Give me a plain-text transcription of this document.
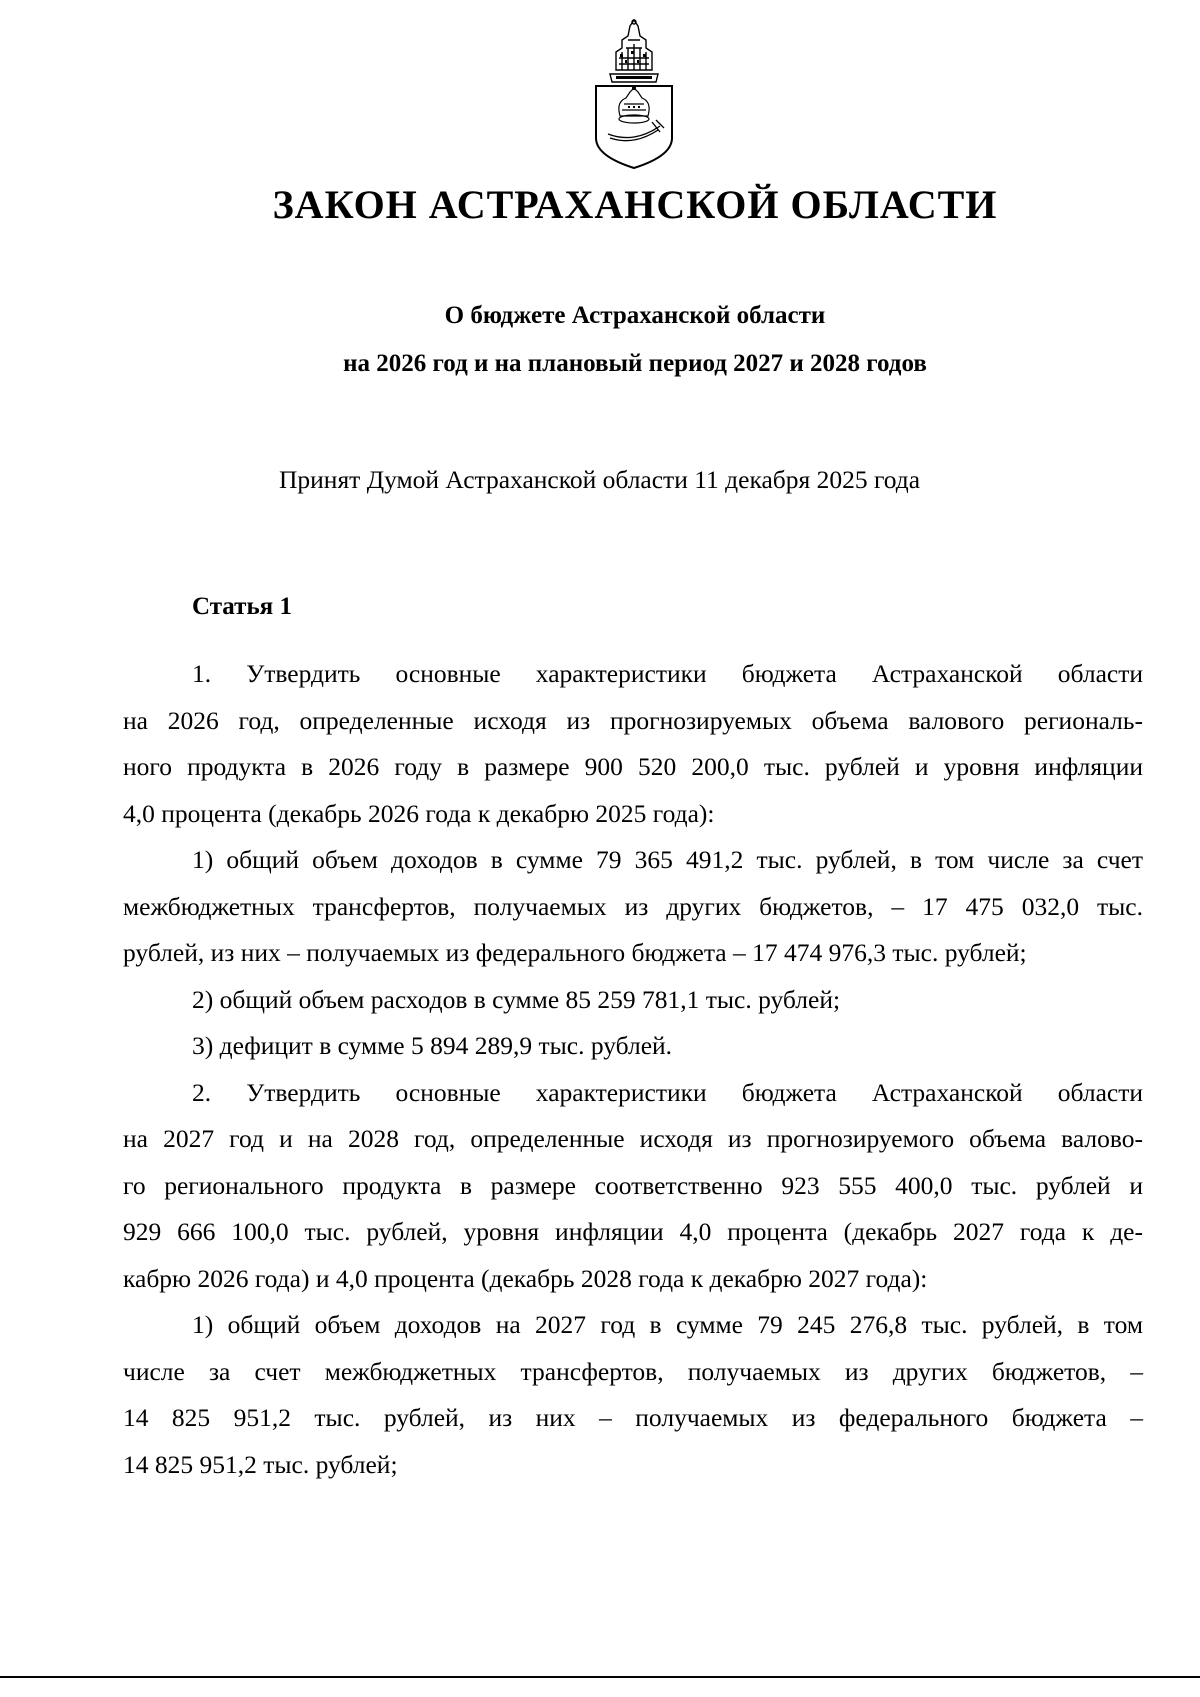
ЗАКОН АСТРАХАНСКОЙ ОБЛАСТИ
О бюджете Астраханской области
на 2026 год и на плановый период 2027 и 2028 годов
Принят Думой Астраханской области 11 декабря 2025 года
Статья 1
1. Утвердить основные характеристики бюджета Астраханской области
на 2026 год, определенные исходя из прогнозируемых объема валового региональ-
ного продукта в 2026 году в размере 900 520 200,0 тыс. рублей и уровня инфляции
4,0 процента (декабрь 2026 года к декабрю 2025 года):
1) общий объем доходов в сумме 79 365 491,2 тыс. рублей, в том числе за счет
межбюджетных трансфертов, получаемых из других бюджетов, – 17 475 032,0 тыс.
рублей, из них – получаемых из федерального бюджета – 17 474 976,3 тыс. рублей;
2) общий объем расходов в сумме 85 259 781,1 тыс. рублей;
3) дефицит в сумме 5 894 289,9 тыс. рублей.
2. Утвердить основные характеристики бюджета Астраханской области
на 2027 год и на 2028 год, определенные исходя из прогнозируемого объема валово-
го регионального продукта в размере соответственно 923 555 400,0 тыс. рублей и
929 666 100,0 тыс. рублей, уровня инфляции 4,0 процента (декабрь 2027 года к де-
кабрю 2026 года) и 4,0 процента (декабрь 2028 года к декабрю 2027 года):
1) общий объем доходов на 2027 год в сумме 79 245 276,8 тыс. рублей, в том
числе за счет межбюджетных трансфертов, получаемых из других бюджетов, –
14 825 951,2 тыс. рублей, из них – получаемых из федерального бюджета –
14 825 951,2 тыс. рублей;
